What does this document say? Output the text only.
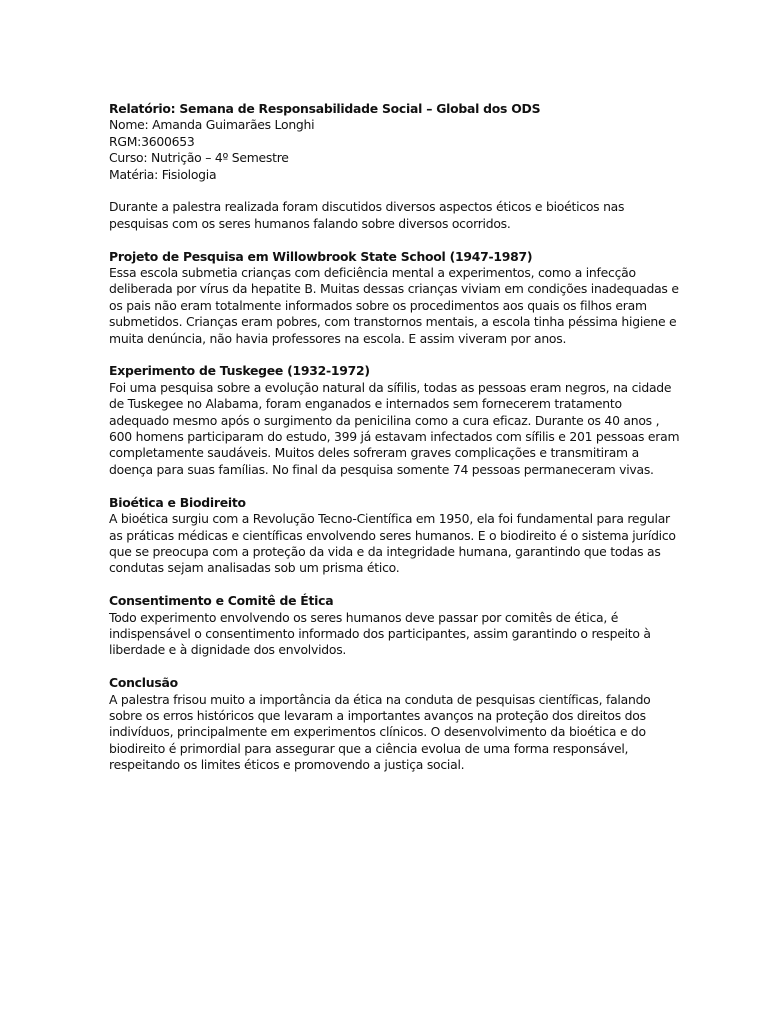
Relatório: Semana de Responsabilidade Social – Global dos ODS
Nome: Amanda Guimarães Longhi
RGM:3600653
Curso: Nutrição – 4º Semestre
Matéria: Fisiologia
Durante a palestra realizada foram discutidos diversos aspectos éticos e bioéticos nas
pesquisas com os seres humanos falando sobre diversos ocorridos.
Projeto de Pesquisa em Willowbrook State School (1947-1987)
Essa escola submetia crianças com deficiência mental a experimentos, como a infecção
deliberada por vírus da hepatite B. Muitas dessas crianças viviam em condições inadequadas e
os pais não eram totalmente informados sobre os procedimentos aos quais os filhos eram
submetidos. Crianças eram pobres, com transtornos mentais, a escola tinha péssima higiene e
muita denúncia, não havia professores na escola. E assim viveram por anos.
Experimento de Tuskegee (1932-1972)
Foi uma pesquisa sobre a evolução natural da sífilis, todas as pessoas eram negros, na cidade
de Tuskegee no Alabama, foram enganados e internados sem fornecerem tratamento
adequado mesmo após o surgimento da penicilina como a cura eficaz. Durante os 40 anos ,
600 homens participaram do estudo, 399 já estavam infectados com sífilis e 201 pessoas eram
completamente saudáveis. Muitos deles sofreram graves complicações e transmitiram a
doença para suas famílias. No final da pesquisa somente 74 pessoas permaneceram vivas.
Bioética e Biodireito
A bioética surgiu com a Revolução Tecno-Científica em 1950, ela foi fundamental para regular
as práticas médicas e científicas envolvendo seres humanos. E o biodireito é o sistema jurídico
que se preocupa com a proteção da vida e da integridade humana, garantindo que todas as
condutas sejam analisadas sob um prisma ético.
Consentimento e Comitê de Ética
Todo experimento envolvendo os seres humanos deve passar por comitês de ética, é
indispensável o consentimento informado dos participantes, assim garantindo o respeito à
liberdade e à dignidade dos envolvidos.
Conclusão
A palestra frisou muito a importância da ética na conduta de pesquisas científicas, falando
sobre os erros históricos que levaram a importantes avanços na proteção dos direitos dos
indivíduos, principalmente em experimentos clínicos. O desenvolvimento da bioética e do
biodireito é primordial para assegurar que a ciência evolua de uma forma responsável,
respeitando os limites éticos e promovendo a justiça social.
